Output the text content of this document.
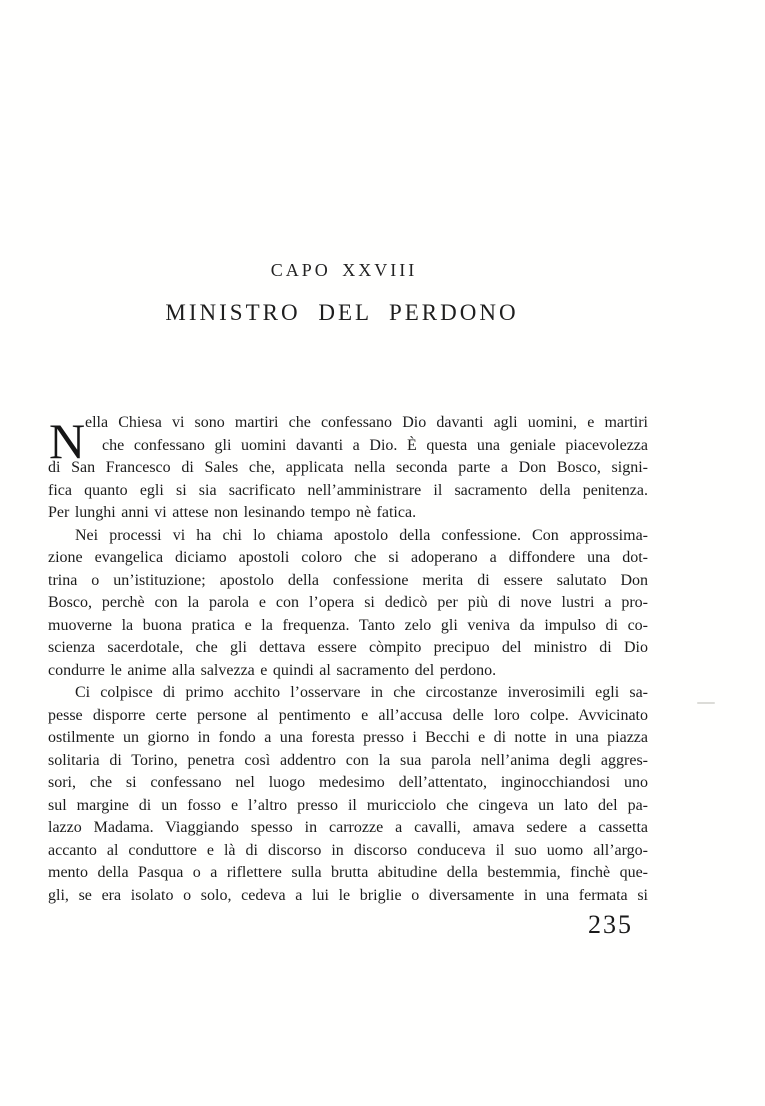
CAPO XXVIII
MINISTRO DEL PERDONO
N ella Chiesa vi sono martiri che confessano Dio davanti agli uomini, e martiri
che confessano gli uomini davanti a Dio. È questa una geniale piacevolezza
di San Francesco di Sales che, applicata nella seconda parte a Don Bosco, signi-
fica quanto egli si sia sacrificato nell’amministrare il sacramento della penitenza.
Per lunghi anni vi attese non lesinando tempo nè fatica.
Nei processi vi ha chi lo chiama apostolo della confessione. Con approssima-
zione evangelica diciamo apostoli coloro che si adoperano a diffondere una dot-
trina o un’istituzione; apostolo della confessione merita di essere salutato Don
Bosco, perchè con la parola e con l’opera si dedicò per più di nove lustri a pro-
muoverne la buona pratica e la frequenza. Tanto zelo gli veniva da impulso di co-
scienza sacerdotale, che gli dettava essere còmpito precipuo del ministro di Dio
condurre le anime alla salvezza e quindi al sacramento del perdono.
Ci colpisce di primo acchito l’osservare in che circostanze inverosimili egli sa-
pesse disporre certe persone al pentimento e all’accusa delle loro colpe. Avvicinato
ostilmente un giorno in fondo a una foresta presso i Becchi e di notte in una piazza
solitaria di Torino, penetra così addentro con la sua parola nell’anima degli aggres-
sori, che si confessano nel luogo medesimo dell’attentato, inginocchiandosi uno
sul margine di un fosso e l’altro presso il muricciolo che cingeva un lato del pa-
lazzo Madama. Viaggiando spesso in carrozze a cavalli, amava sedere a cassetta
accanto al conduttore e là di discorso in discorso conduceva il suo uomo all’argo-
mento della Pasqua o a riflettere sulla brutta abitudine della bestemmia, finchè que-
gli, se era isolato o solo, cedeva a lui le briglie o diversamente in una fermata si
235
